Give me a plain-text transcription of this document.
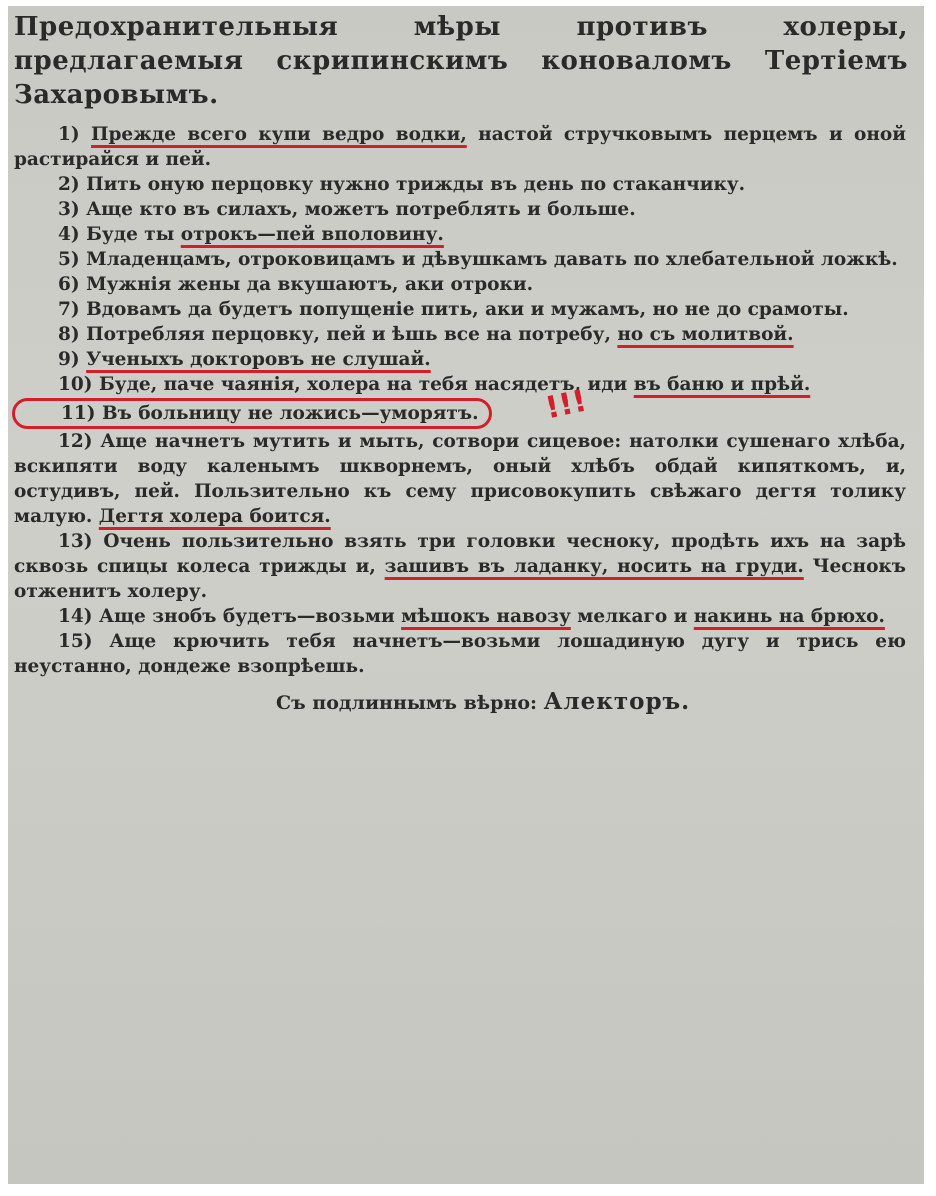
Предохранительныя мѣры противъ холеры, предлагаемыя скрипинскимъ коноваломъ Тертіемъ Захаровымъ.

1) Прежде всего купи ведро водки, настой стручковымъ перцемъ и оной растирайся и пей.

2) Пить оную перцовку нужно трижды въ день по стаканчику.

3) Аще кто въ силахъ, можетъ потреблять и больше.

4) Буде ты отрокъ—пей вполовину.

5) Младенцамъ, отроковицамъ и дѣвушкамъ давать по хлебательной ложкѣ.

6) Мужнія жены да вкушаютъ, аки отроки.

7) Вдовамъ да будетъ попущеніе пить, аки и мужамъ, но не до срамоты.

8) Потребляя перцовку, пей и ѣшь все на потребу, но съ молитвой.

9) Ученыхъ докторовъ не слушай.

10) Буде, паче чаянія, холера на тебя насядетъ, иди въ баню и прѣй.

11) Въ больницу не ложись—уморятъ. !!!

12) Аще начнетъ мутить и мыть, сотвори сицевое: натолки сушенаго хлѣба, вскипяти воду каленымъ шкворнемъ, оный хлѣбъ обдай кипяткомъ, и, остудивъ, пей. Пользительно къ сему присовокупить свѣжаго дегтя толику малую. Дегтя холера боится.

13) Очень пользительно взять три головки чесноку, продѣть ихъ на зарѣ сквозь спицы колеса трижды и, зашивъ въ ладанку, носить на груди. Чеснокъ отженитъ холеру.

14) Аще знобъ будетъ—возьми мѣшокъ навозу мелкаго и накинь на брюхо.

15) Аще крючить тебя начнетъ—возьми лошадиную дугу и трись ею неустанно, дондеже взопрѣешь.

Съ подлиннымъ вѣрно: Алекторъ.
